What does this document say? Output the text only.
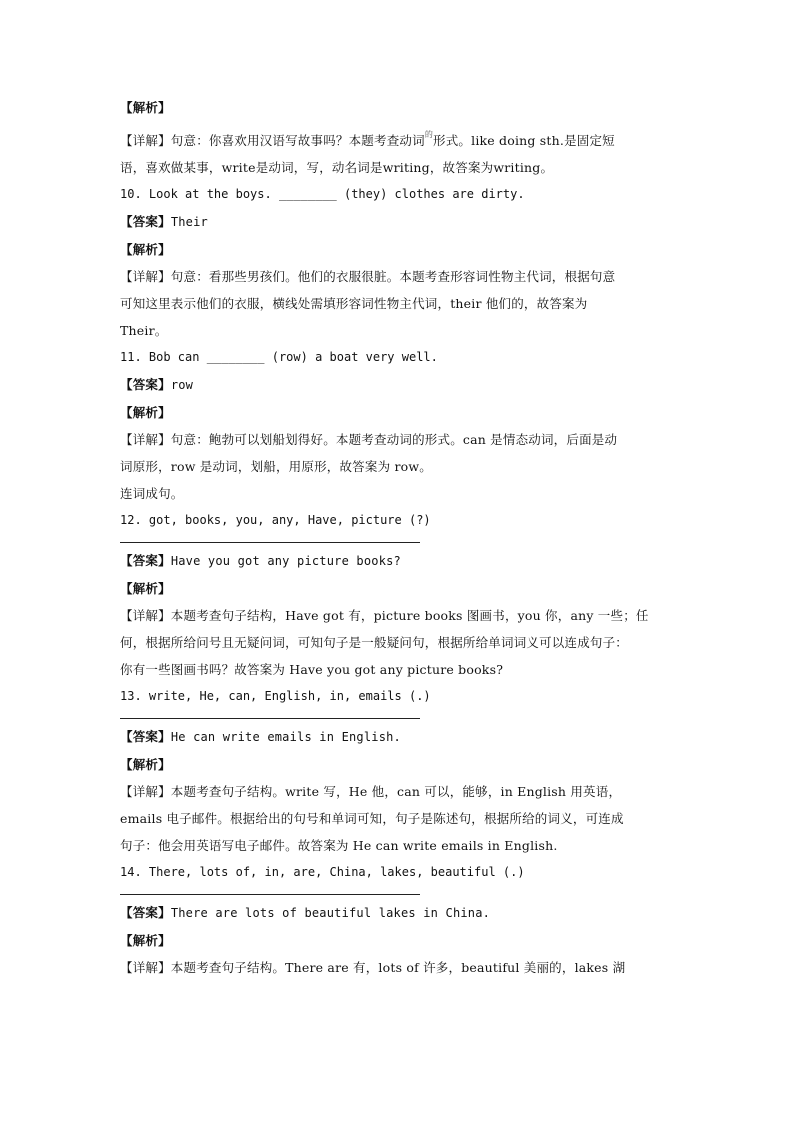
【解析】
【详解】句意：你喜欢用汉语写故事吗？本题考查动词$^的$形式。like doing sth.是固定短
语，喜欢做某事，write是动词，写，动名词是writing，故答案为writing。
10. Look at the boys. ________ (they) clothes are dirty.
【答案】Their
【解析】
【详解】句意：看那些男孩们。他们的衣服很脏。本题考查形容词性物主代词，根据句意
可知这里表示他们的衣服，横线处需填形容词性物主代词，their 他们的，故答案为
Their。
11. Bob can ________ (row) a boat very well.
【答案】row
【解析】
【详解】句意：鲍勃可以划船划得好。本题考查动词的形式。can 是情态动词，后面是动
词原形，row 是动词，划船，用原形，故答案为 row。
连词成句。
12. got, books, you, any, Have, picture (?)
【答案】Have you got any picture books?
【解析】
【详解】本题考查句子结构，Have got 有，picture books 图画书，you 你，any 一些；任
何，根据所给问号且无疑问词，可知句子是一般疑问句，根据所给单词词义可以连成句子：
你有一些图画书吗？故答案为 Have you got any picture books?
13. write, He, can, English, in, emails (.)
【答案】He can write emails in English.
【解析】
【详解】本题考查句子结构。write 写，He 他，can 可以，能够，in English 用英语，
emails 电子邮件。根据给出的句号和单词可知，句子是陈述句，根据所给的词义，可连成
句子：他会用英语写电子邮件。故答案为 He can write emails in English.
14. There, lots of, in, are, China, lakes, beautiful (.)
【答案】There are lots of beautiful lakes in China.
【解析】
【详解】本题考查句子结构。There are 有，lots of 许多，beautiful 美丽的，lakes 湖
